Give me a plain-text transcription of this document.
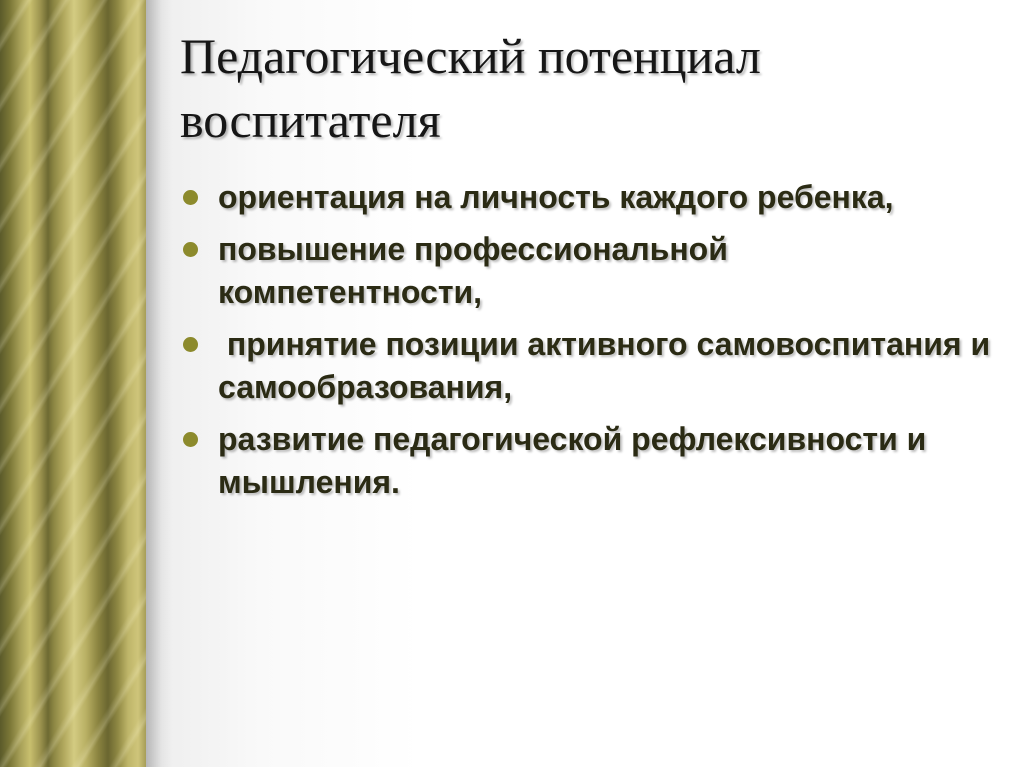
Педагогический потенциал воспитателя
ориентация на личность каждого ребенка,
повышение профессиональной компетентности,
принятие позиции активного самовоспитания и самообразования,
развитие педагогической рефлексивности и мышления.
